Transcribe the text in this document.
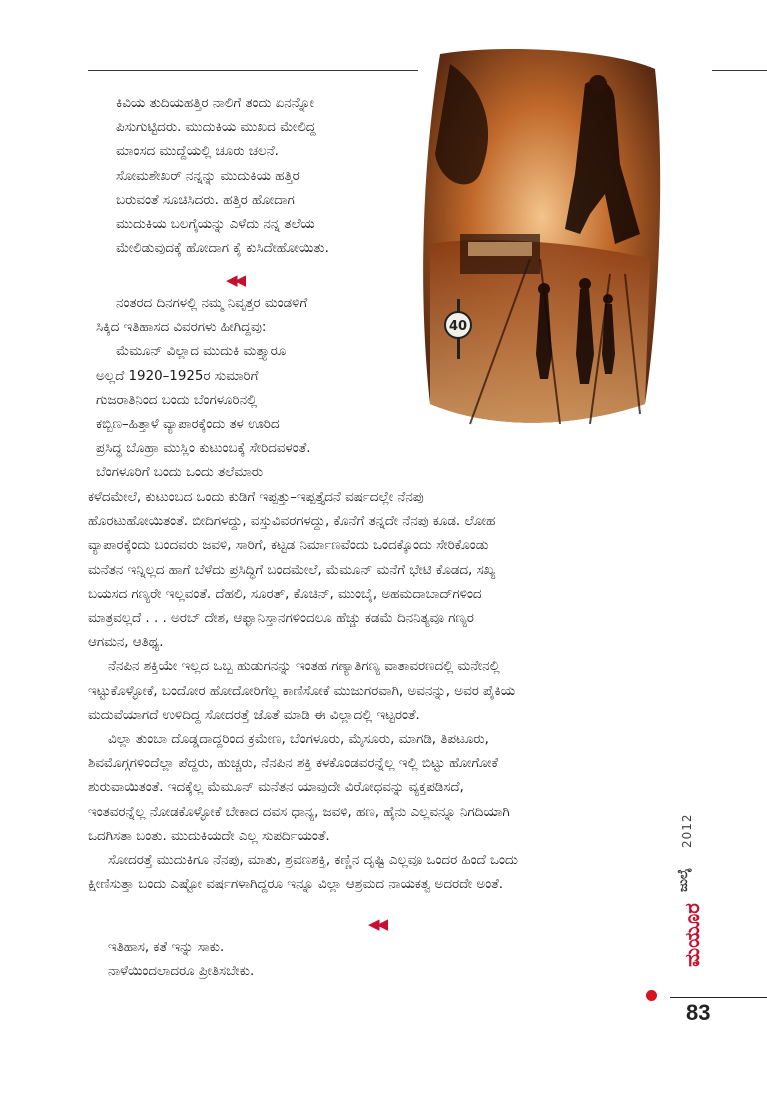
ಕಿವಿಯ ತುದಿಯಹತ್ತಿರ ನಾಲಿಗೆ ತಂದು ಏನನ್ನೋ

ಪಿಸುಗುಟ್ಟಿದರು. ಮುದುಕಿಯ ಮುಖದ ಮೇಲಿದ್ದ

ಮಾಂಸದ ಮುದ್ದೆಯಲ್ಲಿ ಚೂರು ಚಲನೆ.

ಸೋಮಶೇಖರ್ ನನ್ನನ್ನು ಮುದುಕಿಯ ಹತ್ತಿರ

ಬರುವಂತೆ ಸೂಚಿಸಿದರು. ಹತ್ತಿರ ಹೋದಾಗ

ಮುದುಕಿಯ ಬಲಗೈಯನ್ನು ಎಳೆದು ನನ್ನ ತಲೆಯ

ಮೇಲಿಡುವುದಕ್ಕೆ ಹೋದಾಗ ಕೈ ಕುಸಿದೇಹೋಯಿತು.

◀◀

ನಂತರದ ದಿನಗಳಲ್ಲಿ ನಮ್ಮ ನಿವೃತ್ತರ ಮಂಡಳಿಗೆ

ಸಿಕ್ಕಿದ ಇತಿಹಾಸದ ವಿವರಗಳು ಹೀಗಿದ್ದವು:

ಮೆಮೂನ್ ವಿಲ್ಲಾದ ಮುದುಕಿ ಮತ್ತ್ಯಾರೂ

ಅಲ್ಲದೆ 1920–1925ರ ಸುಮಾರಿಗೆ

ಗುಜರಾತಿನಿಂದ ಬಂದು ಬೆಂಗಳೂರಿನಲ್ಲಿ

ಕಬ್ಬಿಣ–ಹಿತ್ತಾಳೆ ವ್ಯಾಪಾರಕ್ಕೆಂದು ತಳ ಊರಿದ

ಪ್ರಸಿದ್ಧ ಬೊಹ್ರಾ ಮುಸ್ಲಿಂ ಕುಟುಂಬಕ್ಕೆ ಸೇರಿದವಳಂತೆ.

ಬೆಂಗಳೂರಿಗೆ ಬಂದು ಒಂದು ತಲೆಮಾರು

ಕಳೆದಮೇಲೆ, ಕುಟುಂಬದ ಒಂದು ಕುಡಿಗೆ ಇಪ್ಪತ್ತು–ಇಪ್ಪತ್ತೈದನೆ ವರ್ಷದಲ್ಲೇ ನೆನಪು

ಹೊರಟುಹೋಯಿತಂತೆ. ಬೀದಿಗಳದ್ದು, ವಸ್ತುವಿವರಗಳದ್ದು, ಕೊನೆಗೆ ತನ್ನದೇ ನೆನಪು ಕೂಡ. ಲೋಹ

ವ್ಯಾಪಾರಕ್ಕೆಂದು ಬಂದವರು ಜವಳಿ, ಸಾರಿಗೆ, ಕಟ್ಟಡ ನಿರ್ಮಾಣವೆಂದು ಒಂದಕ್ಕೊಂದು ಸೇರಿಕೊಂಡು

ಮನೆತನ ಇನ್ನಿಲ್ಲದ ಹಾಗೆ ಬೆಳೆದು ಪ್ರಸಿದ್ಧಿಗೆ ಬಂದಮೇಲೆ, ಮೆಮೂನ್ ಮನೆಗೆ ಭೇಟಿ ಕೊಡದ, ಸಖ್ಯ

ಬಯಸದ ಗಣ್ಯರೇ ಇಲ್ಲವಂತೆ. ದೆಹಲಿ, ಸೂರತ್, ಕೊಚಿನ್, ಮುಂಬೈ, ಅಹಮದಾಬಾದ್‌ಗಳಿಂದ

ಮಾತ್ರವಲ್ಲದೆ . . . ಅರಬ್ ದೇಶ, ಆಫ್ಘಾನಿಸ್ತಾನಗಳಿಂದಲೂ ಹೆಚ್ಚು ಕಡಮೆ ದಿನನಿತ್ಯವೂ ಗಣ್ಯರ

ಆಗಮನ, ಆತಿಥ್ಯ.

ನೆನಪಿನ ಶಕ್ತಿಯೇ ಇಲ್ಲದ ಒಬ್ಬ ಹುಡುಗನನ್ನು ಇಂತಹ ಗಣ್ಯಾತಿಗಣ್ಯ ವಾತಾವರಣದಲ್ಲಿ ಮನೇನಲ್ಲಿ

ಇಟ್ಟುಕೊಳ್ಳೋಕೆ, ಬಂದೋರ ಹೋದೋರಿಗೆಲ್ಲ ಕಾಣಿಸೋಕೆ ಮುಜುಗರವಾಗಿ, ಅವನನ್ನು, ಅವರ ಪೈಕಿಯ

ಮದುವೆಯಾಗದೆ ಉಳಿದಿದ್ದ ಸೋದರತ್ತೆ ಜೊತೆ ಮಾಡಿ ಈ ವಿಲ್ಲಾದಲ್ಲಿ ಇಟ್ಟರಂತೆ.

ವಿಲ್ಲಾ ತುಂಬಾ ದೊಡ್ಡದಾದ್ದರಿಂದ ಕ್ರಮೇಣ, ಬೆಂಗಳೂರು, ಮೈಸೂರು, ಮಾಗಡಿ, ತಿಪಟೂರು,

ಶಿವಮೊಗ್ಗಗಳಿಂದೆಲ್ಲಾ ಪೆದ್ದರು, ಹುಚ್ಚರು, ನೆನಪಿನ ಶಕ್ತಿ ಕಳಕೊಂಡವರನ್ನೆಲ್ಲ ಇಲ್ಲಿ ಬಿಟ್ಟು ಹೋಗೋಕೆ

ಶುರುವಾಯಿತಂತೆ. ಇದಕ್ಕೆಲ್ಲ ಮೆಮೂನ್ ಮನೆತನ ಯಾವುದೇ ವಿರೋಧವನ್ನು ವ್ಯಕ್ತಪಡಿಸದೆ,

ಇಂತವರನ್ನೆಲ್ಲ ನೋಡಕೊಳ್ಳೋಕೆ ಬೇಕಾದ ದವಸ ಧಾನ್ಯ, ಜವಳಿ, ಹಣ, ಹೈನು ಎಲ್ಲವನ್ನೂ ನಿಗದಿಯಾಗಿ

ಒದಗಿಸತಾ ಬಂತು. ಮುದುಕಿಯದೇ ಎಲ್ಲ ಸುಪರ್ದಿಯಂತೆ.

ಸೋದರತ್ತೆ ಮುದುಕಿಗೂ ನೆನಪು, ಮಾತು, ಶ್ರವಣಶಕ್ತಿ, ಕಣ್ಣಿನ ದೃಷ್ಟಿ ಎಲ್ಲವೂ ಒಂದರ ಹಿಂದೆ ಒಂದು

ಕ್ಷೀಣಿಸುತ್ತಾ ಬಂದು ಎಷ್ಟೋ ವರ್ಷಗಳಾಗಿದ್ದರೂ ಇನ್ನೂ ವಿಲ್ಲಾ ಆಶ್ರಮದ ನಾಯಕತ್ವ ಅದರದೇ ಅಂತೆ.

◀◀

ಇತಿಹಾಸ, ಕತೆ ಇನ್ನು ಸಾಕು.

ನಾಳೆಯಿಂದಲಾದರೂ ಪ್ರೀತಿಸಬೇಕು.

40
2012
ಜುಲೈ
ಮಯೂರ
83
